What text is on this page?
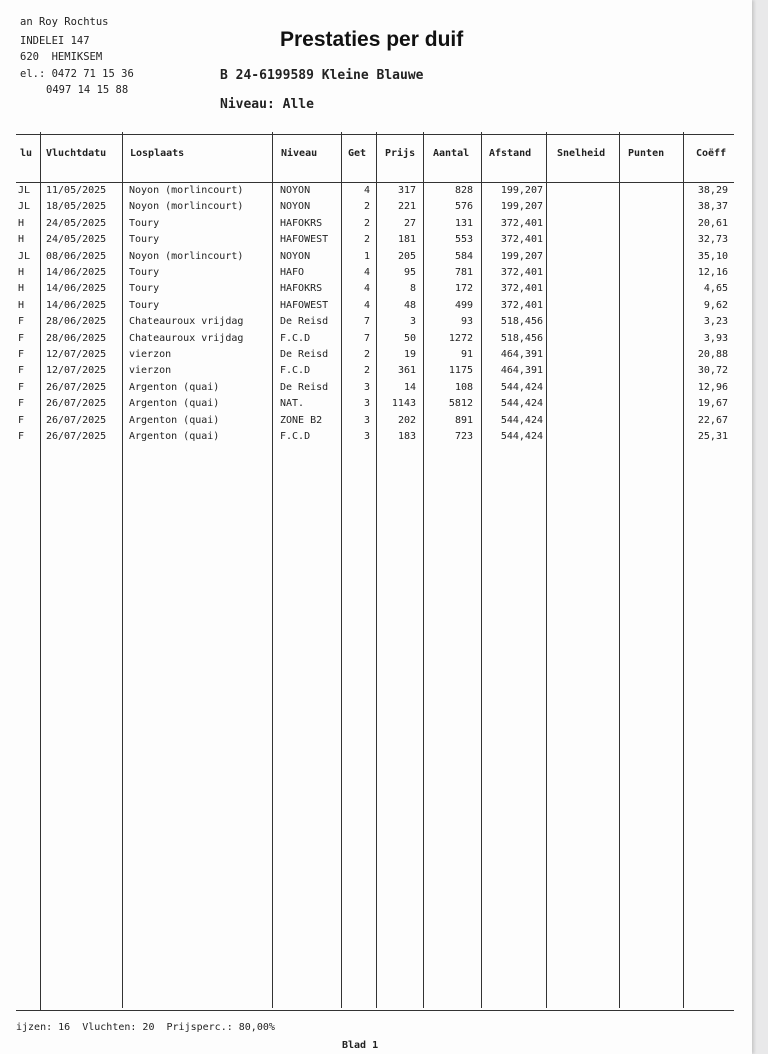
an Roy Rochtus
INDELEI 147
620  HEMIKSEM
el.: 0472 71 15 36
0497 14 15 88
Prestaties per duif
B 24-6199589 Kleine Blauwe
Niveau: Alle
lu Vluchtdatu Losplaats	Niveau	Get Prijs Aantal Afstand	Snelheid Punten	Coëff
JL	11/05/2025	Noyon (morlincourt)	NOYON	4	317	828	199,207	38,29
JL	18/05/2025	Noyon (morlincourt)	NOYON	2	221	576	199,207	38,37
H	24/05/2025	Toury	HAFOKRS	2	27	131	372,401	20,61
H	24/05/2025	Toury	HAFOWEST	2	181	553	372,401	32,73
JL	08/06/2025	Noyon (morlincourt)	NOYON	1	205	584	199,207	35,10
H	14/06/2025	Toury	HAFO	4	95	781	372,401	12,16
H	14/06/2025	Toury	HAFOKRS	4	8	172	372,401	4,65
H	14/06/2025	Toury	HAFOWEST	4	48	499	372,401	9,62
F	28/06/2025	Chateauroux vrijdag	De Reisd	7	3	93	518,456	3,23
F	28/06/2025	Chateauroux vrijdag	F.C.D	7	50	1272	518,456	3,93
F	12/07/2025	vierzon	De Reisd	2	19	91	464,391	20,88
F	12/07/2025	vierzon	F.C.D	2	361	1175	464,391	30,72
F	26/07/2025	Argenton (quai)	De Reisd	3	14	108	544,424	12,96
F	26/07/2025	Argenton (quai)	NAT.	3	1143	5812	544,424	19,67
F	26/07/2025	Argenton (quai)	ZONE B2	3	202	891	544,424	22,67
F	26/07/2025	Argenton (quai)	F.C.D	3	183	723	544,424	25,31
ijzen: 16  Vluchten: 20  Prijsperc.: 80,00%
Blad 1
